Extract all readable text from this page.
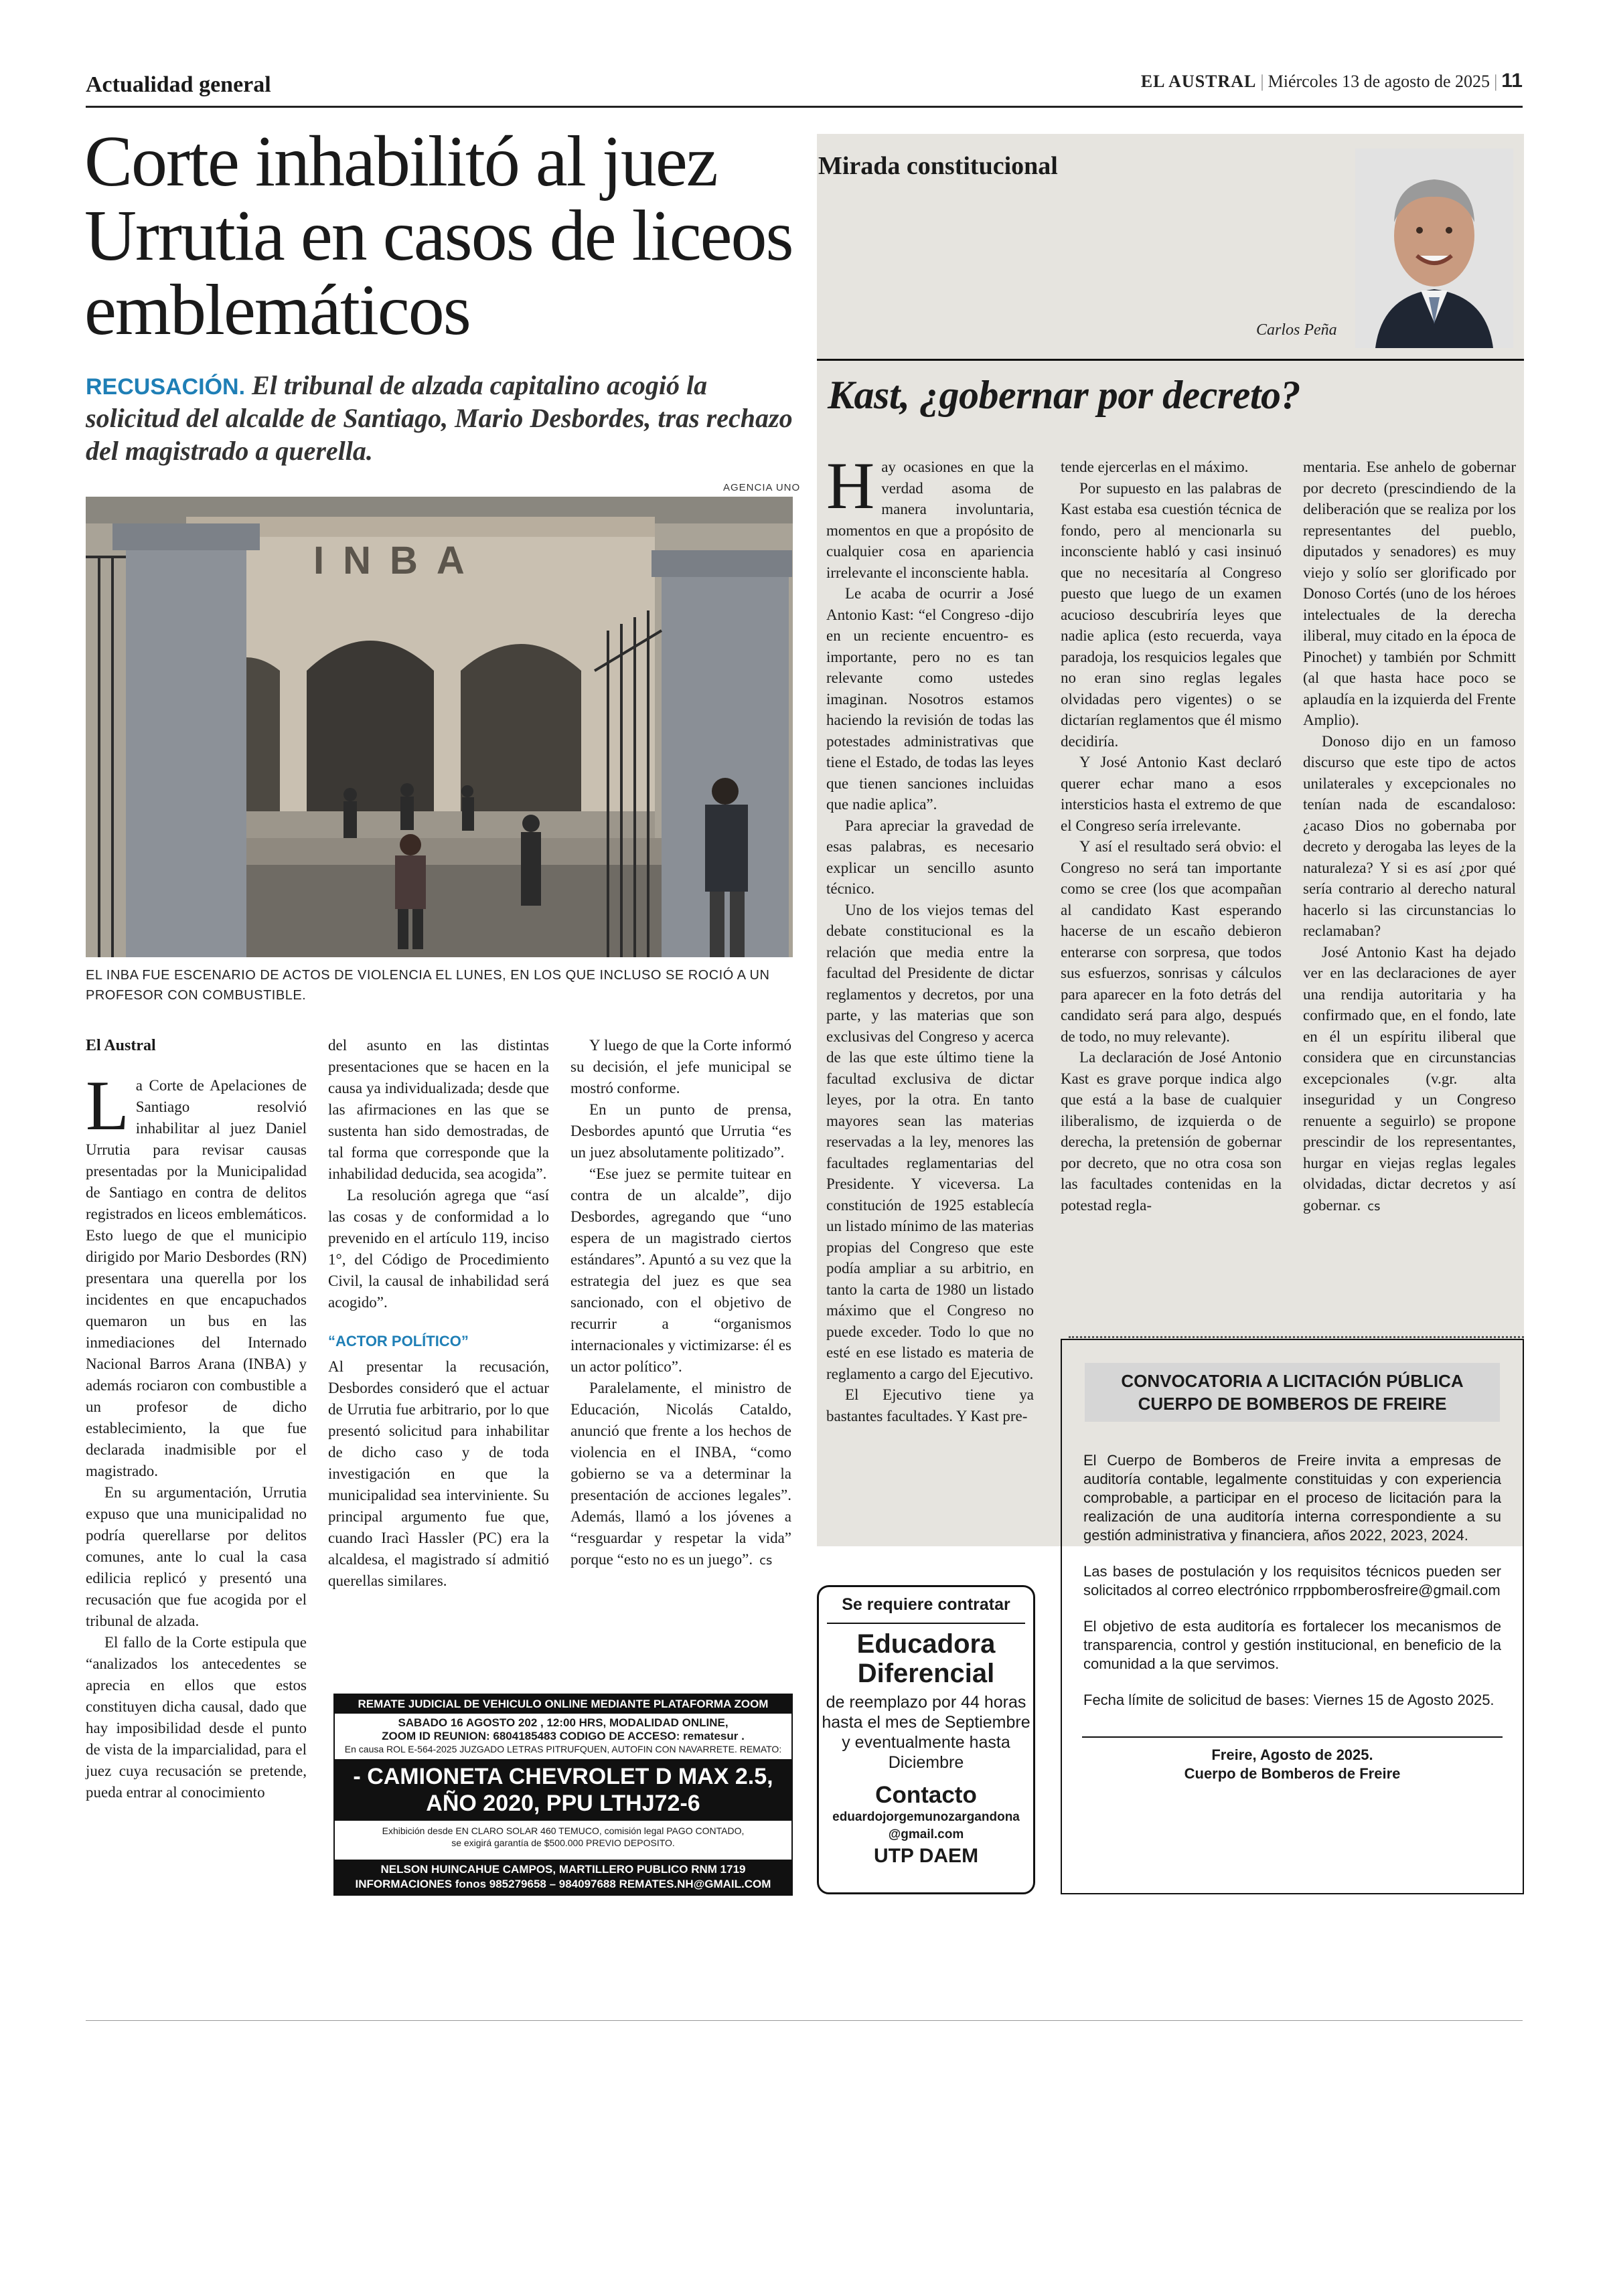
Actualidad general	EL AUSTRAL | Miércoles 13 de agosto de 2025 | 11
Corte inhabilitó al juez Urrutia en casos de liceos emblemáticos
RECUSACIÓN. El tribunal de alzada capitalino acogió la solicitud del alcalde de Santiago, Mario Desbordes, tras rechazo del magistrado a querella.
AGENCIA UNO
INBA
EL INBA FUE ESCENARIO DE ACTOS DE VIOLENCIA EL LUNES, EN LOS QUE INCLUSO SE ROCIÓ A UN PROFESOR CON COMBUSTIBLE.
El Austral

La Corte de Apelaciones de Santiago resolvió inhabilitar al juez Daniel Urrutia para revisar causas presentadas por la Municipalidad de Santiago en contra de delitos registrados en liceos emblemáticos. Esto luego de que el municipio dirigido por Mario Desbordes (RN) presentara una querella por los incidentes en que encapuchados quemaron un bus en las inmediaciones del Internado Nacional Barros Arana (INBA) y además rociaron con combustible a un profesor de dicho establecimiento, la que fue declarada inadmisible por el magistrado.

En su argumentación, Urrutia expuso que una municipalidad no podría querellarse por delitos comunes, ante lo cual la casa edilicia replicó y presentó una recusación que fue acogida por el tribunal de alzada.

El fallo de la Corte estipula que “analizados los antecedentes se aprecia en ellos que estos constituyen dicha causal, dado que hay imposibilidad desde el punto de vista de la imparcialidad, para el juez cuya recusación se pretende, pueda entrar al conocimiento

del asunto en las distintas presentaciones que se hacen en la causa ya individualizada; desde que las afirmaciones en las que se sustenta han sido demostradas, de tal forma que corresponde que la inhabilidad deducida, sea acogida”.

La resolución agrega que “así las cosas y de conformidad a lo prevenido en el artículo 119, inciso 1°, del Código de Procedimiento Civil, la causal de inhabilidad será acogido”.

“ACTOR POLÍTICO”

Al presentar la recusación, Desbordes consideró que el actuar de Urrutia fue arbitrario, por lo que presentó solicitud para inhabilitar de dicho caso y de toda investigación en que la municipalidad sea interviniente. Su principal argumento fue que, cuando Iracì Hassler (PC) era la alcaldesa, el magistrado sí admitió querellas similares.

Y luego de que la Corte informó su decisión, el jefe municipal se mostró conforme.

En un punto de prensa, Desbordes apuntó que Urrutia “es un juez absolutamente politizado”.

“Ese juez se permite tuitear en contra de un alcalde”, dijo Desbordes, agregando que “uno espera de un magistrado ciertos estándares”. Apuntó a su vez que la estrategia del juez es que sea sancionado, con el objetivo de recurrir a “organismos internacionales y victimizarse: él es un actor político”.

Paralelamente, el ministro de Educación, Nicolás Cataldo, anunció que frente a los hechos de violencia en el INBA, “como gobierno se va a determinar la presentación de acciones legales”. Además, llamó a los jóvenes a “resguardar y respetar la vida” porque “esto no es un juego”. cs

REMATE JUDICIAL DE VEHICULO ONLINE MEDIANTE PLATAFORMA ZOOM
SABADO 16 AGOSTO 202 , 12:00 HRS, MODALIDAD ONLINE,
ZOOM ID REUNION: 6804185483 CODIGO DE ACCESO: rematesur .
En causa ROL E-564-2025 JUZGADO LETRAS PITRUFQUEN, AUTOFIN CON NAVARRETE. REMATO:
- CAMIONETA CHEVROLET D MAX 2.5,
AÑO 2020, PPU LTHJ72-6
Exhibición desde EN CLARO SOLAR 460 TEMUCO, comisión legal PAGO CONTADO,
se exigirá garantía de $500.000 PREVIO DEPOSITO.
NELSON HUINCAHUE CAMPOS, MARTILLERO PUBLICO RNM 1719
INFORMACIONES fonos 985279658 – 984097688 REMATES.NH@GMAIL.COM
Mirada constitucional
Carlos Peña
Kast, ¿gobernar por decreto?

Hay ocasiones en que la verdad asoma de manera involuntaria, momentos en que a propósito de cualquier cosa en apariencia irrelevante el inconsciente habla.

Le acaba de ocurrir a José Antonio Kast: “el Congreso -dijo en un reciente encuentro- es importante, pero no es tan relevante como ustedes imaginan. Nosotros estamos haciendo la revisión de todas las potestades administrativas que tiene el Estado, de todas las leyes que tienen sanciones incluidas que nadie aplica”.

Para apreciar la gravedad de esas palabras, es necesario explicar un sencillo asunto técnico.

Uno de los viejos temas del debate constitucional es la relación que media entre la facultad del Presidente de dictar reglamentos y decretos, por una parte, y las materias que son exclusivas del Congreso y acerca de las que este último tiene la facultad exclusiva de dictar leyes, por la otra. En tanto mayores sean las materias reservadas a la ley, menores las facultades reglamentarias del Presidente. Y viceversa. La constitución de 1925 establecía un listado mínimo de las materias propias del Congreso que este podía ampliar a su arbitrio, en tanto la carta de 1980 un listado máximo que el Congreso no puede exceder. Todo lo que no esté en ese listado es materia de reglamento a cargo del Ejecutivo.

El Ejecutivo tiene ya bastantes facultades. Y Kast pre-

tende ejercerlas en el máximo.

Por supuesto en las palabras de Kast estaba esa cuestión técnica de fondo, pero al mencionarla su inconsciente habló y casi insinuó que no necesitaría al Congreso puesto que luego de un examen acucioso descubriría leyes que nadie aplica (esto recuerda, vaya paradoja, los resquicios legales que no eran sino reglas legales olvidadas pero vigentes) o se dictarían reglamentos que él mismo decidiría.

Y José Antonio Kast declaró querer echar mano a esos intersticios hasta el extremo de que el Congreso sería irrelevante.

Y así el resultado será obvio: el Congreso no será tan importante como se cree (los que acompañan al candidato Kast esperando hacerse de un escaño debieron enterarse con sorpresa, que todos sus esfuerzos, sonrisas y cálculos para aparecer en la foto detrás del candidato será para algo, después de todo, no muy relevante).

La declaración de José Antonio Kast es grave porque indica algo que está a la base de cualquier iliberalismo, de izquierda o de derecha, la pretensión de gobernar por decreto, que no otra cosa son las facultades contenidas en la potestad regla-

mentaria. Ese anhelo de gobernar por decreto (prescindiendo de la deliberación que se realiza por los representantes del pueblo, diputados y senadores) es muy viejo y solío ser glorificado por Donoso Cortés (uno de los héroes intelectuales de la derecha iliberal, muy citado en la época de Pinochet) y también por Schmitt (al que hasta hace poco se aplaudía en la izquierda del Frente Amplio).

Donoso dijo en un famoso discurso que este tipo de actos unilaterales y excepcionales no tenían nada de escandaloso: ¿acaso Dios no gobernaba por decreto y derogaba las leyes de la naturaleza? Y si es así ¿por qué sería contrario al derecho natural hacerlo si las circunstancias lo reclamaban?

José Antonio Kast ha dejado ver en las declaraciones de ayer una rendija autoritaria y ha confirmado que, en el fondo, late en él un espíritu iliberal que considera que en circunstancias excepcionales (v.gr. alta inseguridad y un Congreso renuente a seguirlo) se propone prescindir de los representantes, hurgar en viejas reglas legales olvidadas, dictar decretos y así gobernar. cs

Se requiere contratar
Educadora Diferencial
de reemplazo por 44 horas hasta el mes de Septiembre y eventualmente hasta Diciembre
Contacto
eduardojorgemunozargandona
@gmail.com
UTP DAEM
CONVOCATORIA A LICITACIÓN PÚBLICA
CUERPO DE BOMBEROS DE FREIRE

El Cuerpo de Bomberos de Freire invita a empresas de auditoría contable, legalmente constituidas y con experiencia comprobable, a participar en el proceso de licitación para la realización de una auditoría interna correspondiente a su gestión administrativa y financiera, años 2022, 2023, 2024.

Las bases de postulación y los requisitos técnicos pueden ser solicitados al correo electrónico rrppbomberosfreire@gmail.com

El objetivo de esta auditoría es fortalecer los mecanismos de transparencia, control y gestión institucional, en beneficio de la comunidad a la que servimos.

Fecha límite de solicitud de bases: Viernes 15 de Agosto 2025.

Freire, Agosto de 2025.
Cuerpo de Bomberos de Freire
